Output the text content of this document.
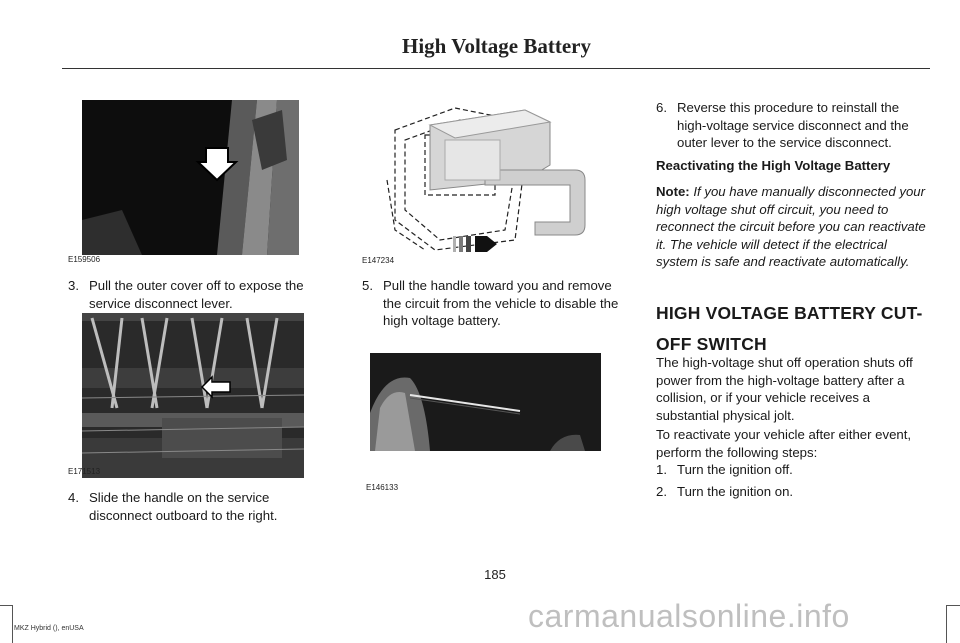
High Voltage Battery
E159506
3. Pull the outer cover off to expose the service disconnect lever.
E171513
4. Slide the handle on the service disconnect outboard to the right.
E147234
5. Pull the handle toward you and remove the circuit from the vehicle to disable the high voltage battery.
E146133
6. Reverse this procedure to reinstall the high-voltage service disconnect and the outer lever to the service disconnect.
Reactivating the High Voltage Battery
Note: If you have manually disconnected your high voltage shut off circuit, you need to reconnect the circuit before you can reactivate it. The vehicle will detect if the electrical system is safe and reactivate automatically.
HIGH VOLTAGE BATTERY CUT-
OFF SWITCH
The high-voltage shut off operation shuts off power from the high-voltage battery after a collision, or if your vehicle receives a substantial physical jolt.
To reactivate your vehicle after either event, perform the following steps:
1. Turn the ignition off.
2. Turn the ignition on.
185
MKZ Hybrid (), enUSA	carmanualsonline.info
